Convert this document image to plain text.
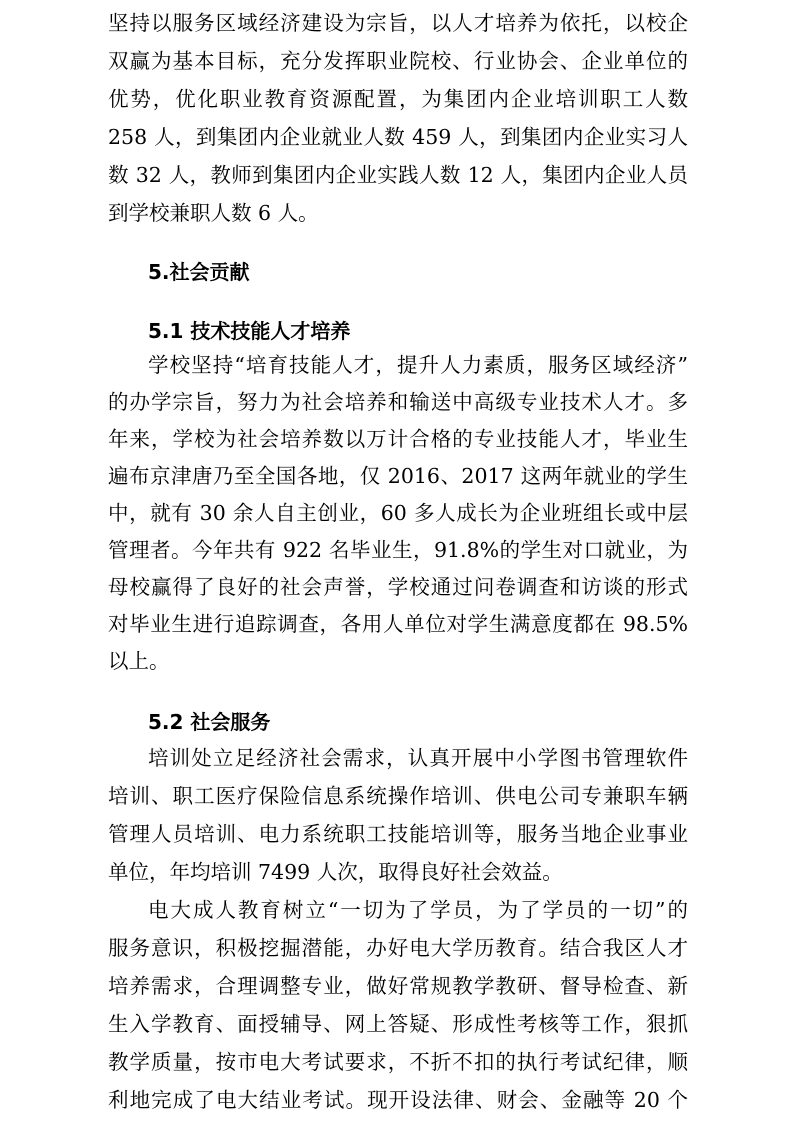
坚持以服务区域经济建设为宗旨，以人才培养为依托，以校企
双赢为基本目标，充分发挥职业院校、行业协会、企业单位的
优势，优化职业教育资源配置，为集团内企业培训职工人数
258 人，到集团内企业就业人数 459 人，到集团内企业实习人
数 32 人，教师到集团内企业实践人数 12 人，集团内企业人员
到学校兼职人数 6 人。
5.社会贡献
5.1 技术技能人才培养
学校坚持“培育技能人才，提升人力素质，服务区域经济”
的办学宗旨，努力为社会培养和输送中高级专业技术人才。多
年来，学校为社会培养数以万计合格的专业技能人才，毕业生
遍布京津唐乃至全国各地，仅 2016、2017 这两年就业的学生
中，就有 30 余人自主创业，60 多人成长为企业班组长或中层
管理者。今年共有 922 名毕业生，91.8%的学生对口就业，为
母校赢得了良好的社会声誉，学校通过问卷调查和访谈的形式
对毕业生进行追踪调查，各用人单位对学生满意度都在 98.5%
以上。
5.2 社会服务
培训处立足经济社会需求，认真开展中小学图书管理软件
培训、职工医疗保险信息系统操作培训、供电公司专兼职车辆
管理人员培训、电力系统职工技能培训等，服务当地企业事业
单位，年均培训 7499 人次，取得良好社会效益。
电大成人教育树立“一切为了学员，为了学员的一切”的
服务意识，积极挖掘潜能，办好电大学历教育。结合我区人才
培养需求，合理调整专业，做好常规教学教研、督导检查、新
生入学教育、面授辅导、网上答疑、形成性考核等工作，狠抓
教学质量，按市电大考试要求，不折不扣的执行考试纪律，顺
利地完成了电大结业考试。现开设法律、财会、金融等 20 个
